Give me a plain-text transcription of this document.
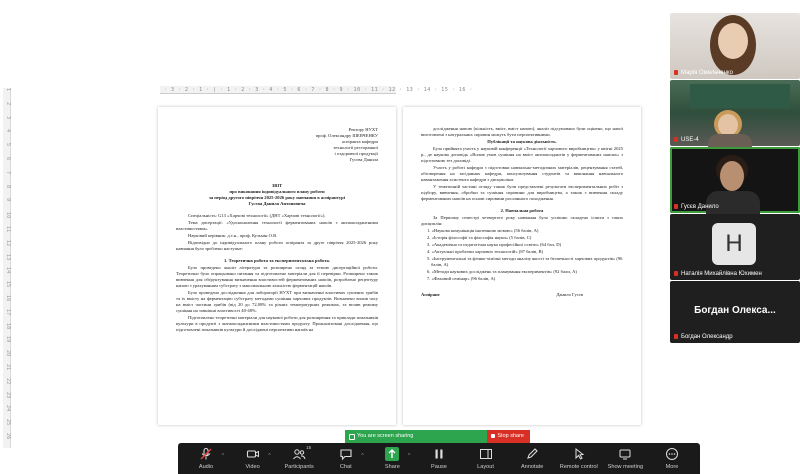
1
2
3
4
5
6
7
8
9
10
11
12
13
14
15
16
17
18
19
20
21
22
23
24
25
26
· 3 · 2 · 1 · | · 1 · 2 · 3 · 4 · 5 · 6 · 7 · 8 · 9 · 10 · 11 · 12 · 13 · 14 · 15 · 16 ·
Ректору НУХТ
проф. Олександру ШЕВЧЕНКУ
аспіранта кафедри
технології ресторанної
і оздоровчої продукції
Гусєва Данила
ЗВІТ
про виконання індивідуального плану роботи
за період другого півріччя 2025-2026 року навчання в аспірантурі
Гусєва Данила Антоновича
Спеціальність: G13 «Харчові технології» (ДНТ «Харчові технології»).
Тема дисертації: «Удосконалення технології ферментованих напоїв з антиоксидантними властивостями».
Науковий керівник: д.т.н., проф. Кузьмін О.В.
Відповідно до індивідуального плану роботи аспіранта за друге півріччя 2025-2026 року навчання було зроблено наступне:
1. Теоретична робота та експериментальна робота.
Було проведено аналіз літератури та розширено огляд за темою дисертаційної роботи. Теоретично було опрацьовано питання та підготовлено матеріали для її перевірки. Розширено також вивчення для обґрунтування визначення властивостей ферментованих напоїв, розроблено рецептуру напою з урахуванням субстрату з максимальною кількістю ферментацій напоїв.
Було проведено дослідження для лабораторії НУХТ при визначенні властивих сушених грибів та їх вмісту на ферментацію субстрату методами сушіння харчових продуктів. Визначено вплив часу на вміст частини грибів (від 20 до 72,08% та різних температурних режимах, та вплив режиму сушіння на зовнішні властивості 40-48%.
Підготовлено теоретичні матеріали для наукової роботи для розширення та приклади показників культури в продукті з антиоксидантними властивостями продукту. Проаналізовані дослідження, що підготовлені показників культури й досліджені перспективи напоїв на
дослідження напою (кількість, вміст, вміст напою), аналіз підсумовано були оцінено, що напої виготовлені з натуральних сировин можуть бути перспективними.
Публікації та наукова діяльність.
Була прийнята участь у науковій конференції «Технології харчового виробництва» у квітні 2025 р., де наукова доповідь «Вплив умов сушіння на вміст антиоксидантів у ферментованих напоях» з підготовкою тез доповіді.
Участь у роботі кафедри з підготовки навчально-методичних матеріалів, рецензування статей, обговорення на засіданнях кафедри, консультування студентів та виконання навчального навантаження асистента кафедри з дисципліни.
У тематичній частині огляду також були представлені результати експериментальних робіт з підбору, вивчення, обробки та сушіння сировини для виробництва, а також з вивчення складу ферментованих напоїв на основі сировини рослинного походження.
2. Навчальна робота
За Першому семестрі четвертого року навчання було успішно складено іспити з таких дисциплін:
1. «Наукова комунікація іноземною мовою» (56 балів, А)
2. «Історія філософії та філософія науки» (5 балів, С)
3. «Академічна та педагогічна наука професійної освіти» (64 бал, D)
4. «Актуальні проблеми харчових технологій» (87 балів, В)
5. «Інструментальні та фізико-хімічні методи аналізу якості та безпечності харчових продуктів» (96 балів, А)
6. «Методи наукових досліджень та планування експериментів» (92 бали, А)
7. «Фаховий семінар» (96 балів, А)
Аспірант	Данило Гусєв
Марія Омельченко
USE-4
Гусєв Данило
H
Наталія Михайлівна Юхимен
Богдан Олекса...
Богдан Олександр
You are screen sharing	Stop share
^
Audio
^
Video
15
Participants
^
Chat
^
Share	Pause	Layout	Annotate	Remote control Show meeting	More
